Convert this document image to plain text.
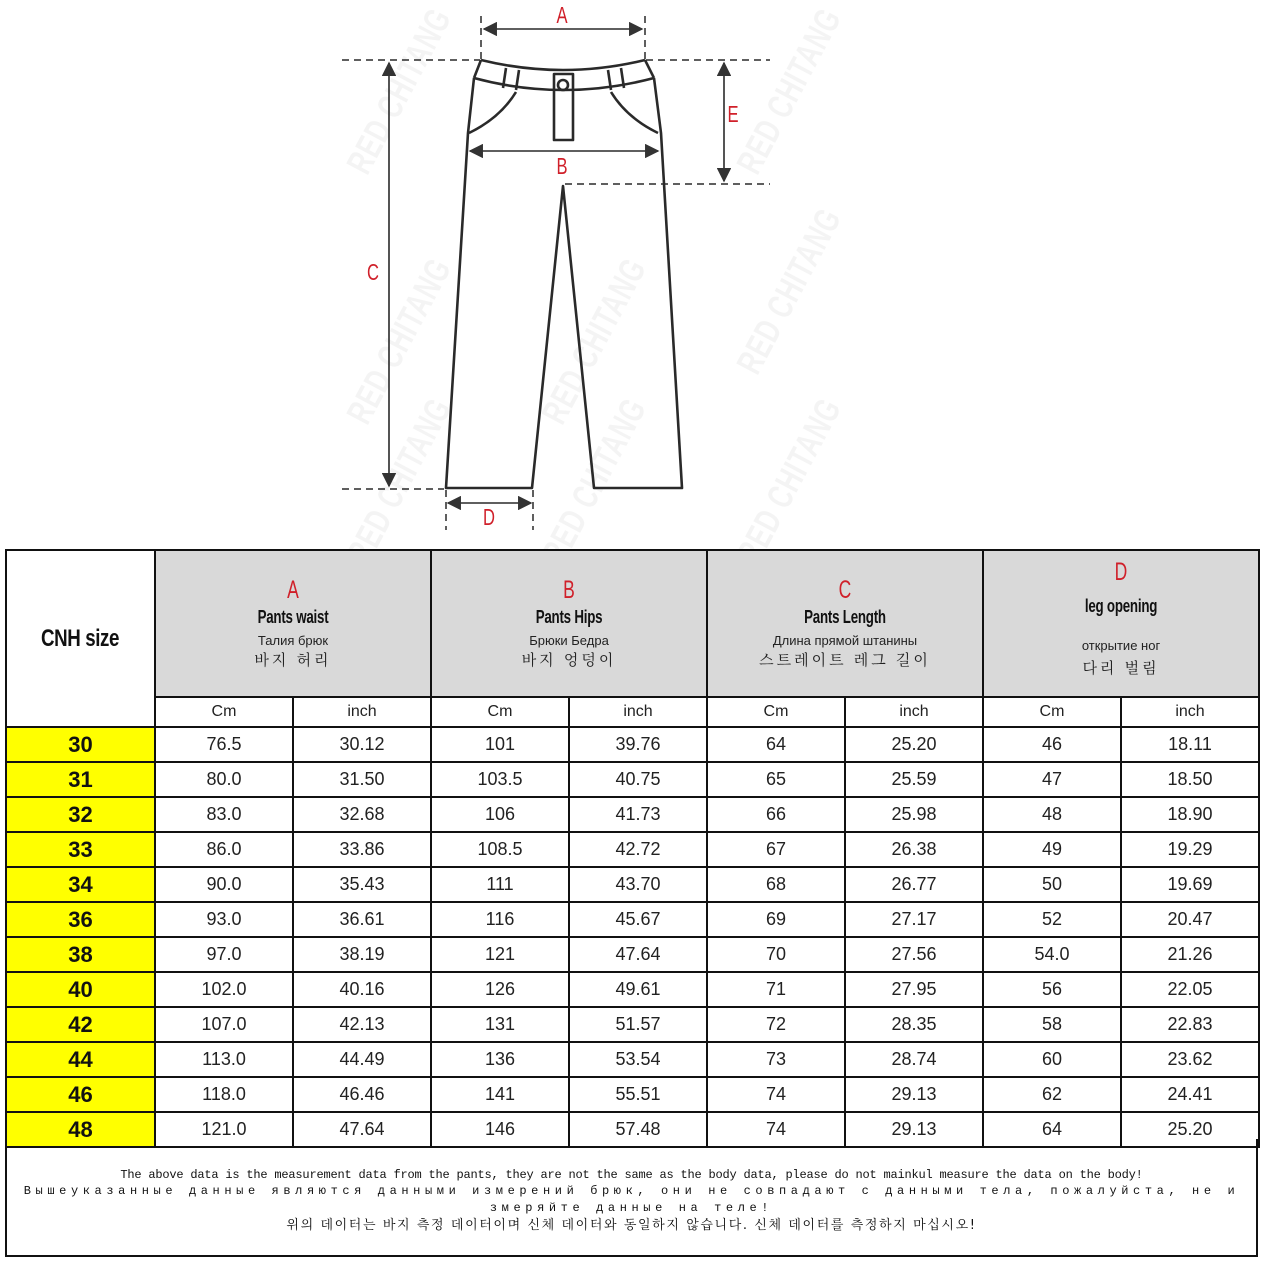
A
B
C
D
E
CNH size	A
Pants waist
Талия брюк
바지 허리		B
Pants Hips
Брюки Бедра
바지 엉덩이		C
Pants Length
Длина прямой штанины
스트레이트 레그 길이		D
leg opening
открытие ног
다리 벌림	

	Cm	inch	Cm	inch	Cm	inch	Cm	inch
30	76.5	30.12	101	39.76	64	25.20	46	18.11
31	80.0	31.50	103.5	40.75	65	25.59	47	18.50
32	83.0	32.68	106	41.73	66	25.98	48	18.90
33	86.0	33.86	108.5	42.72	67	26.38	49	19.29
34	90.0	35.43	111	43.70	68	26.77	50	19.69
36	93.0	36.61	116	45.67	69	27.17	52	20.47
38	97.0	38.19	121	47.64	70	27.56	54.0	21.26
40	102.0	40.16	126	49.61	71	27.95	56	22.05
42	107.0	42.13	131	51.57	72	28.35	58	22.83
44	113.0	44.49	136	53.54	73	28.74	60	23.62
46	118.0	46.46	141	55.51	74	29.13	62	24.41
48	121.0	47.64	146	57.48	74	29.13	64	25.20
The above data is the measurement data from the pants, they are not the same as the body data, please do not mainkul measure the data on the body!
Вышеуказанные данные являются данными измерений брюк, они не совпадают с данными тела, пожалуйста, не и
змеряйте данные на теле!
위의 데이터는 바지 측정 데이터이며 신체 데이터와 동일하지 않습니다. 신체 데이터를 측정하지 마십시오!
